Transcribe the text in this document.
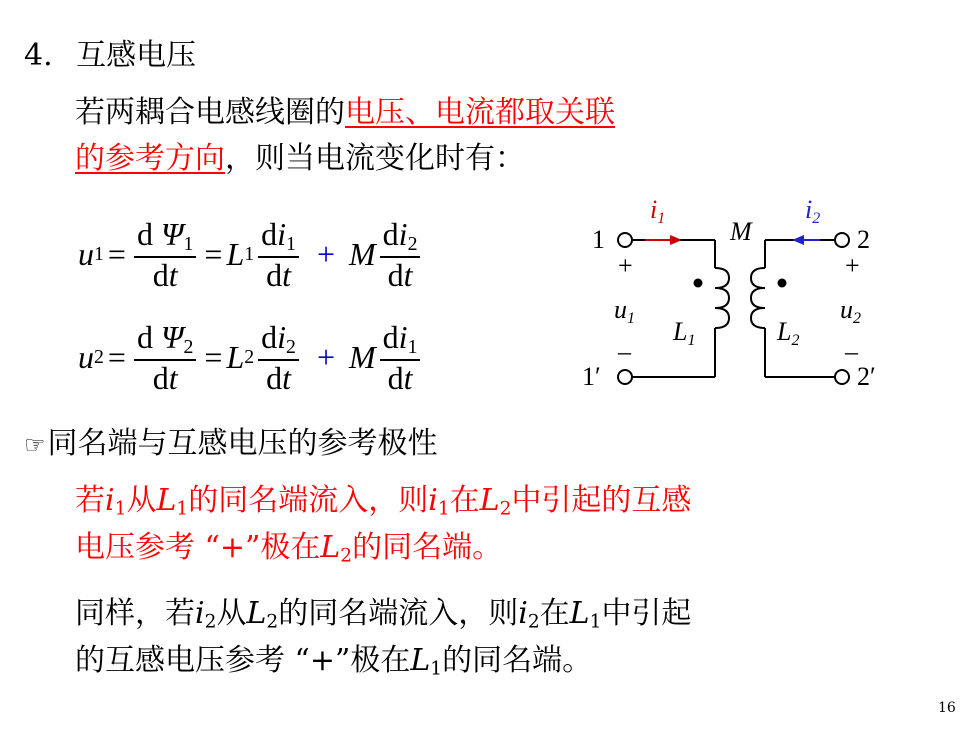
4. 互感电压
若两耦合电感线圈的电压、电流都取关联
的参考方向，则当电流变化时有：
u $1 = \frac{d \Psi_1}{dt} = L$ $1 \frac{di_1}{dt} + M \frac{di_2}{dt}$
u $2 = \frac{d \Psi_2}{dt} = L$ $2 \frac{di_2}{dt} + M \frac{di_1}{dt}$
i1	i2
M
1	2
1′	2′
+	+
–	–
u1	u2
L1	L2
☞同名端与互感电压的参考极性
若$i_1$从$L_1$的同名端流入，则$i_1$在$L_2$中引起的互感
电压参考 “+”极在$L_2$的同名端。
同样，若$i_2$从$L_2$的同名端流入，则$i_2$在$L_1$中引起
的互感电压参考 “+”极在$L_1$的同名端。
16
